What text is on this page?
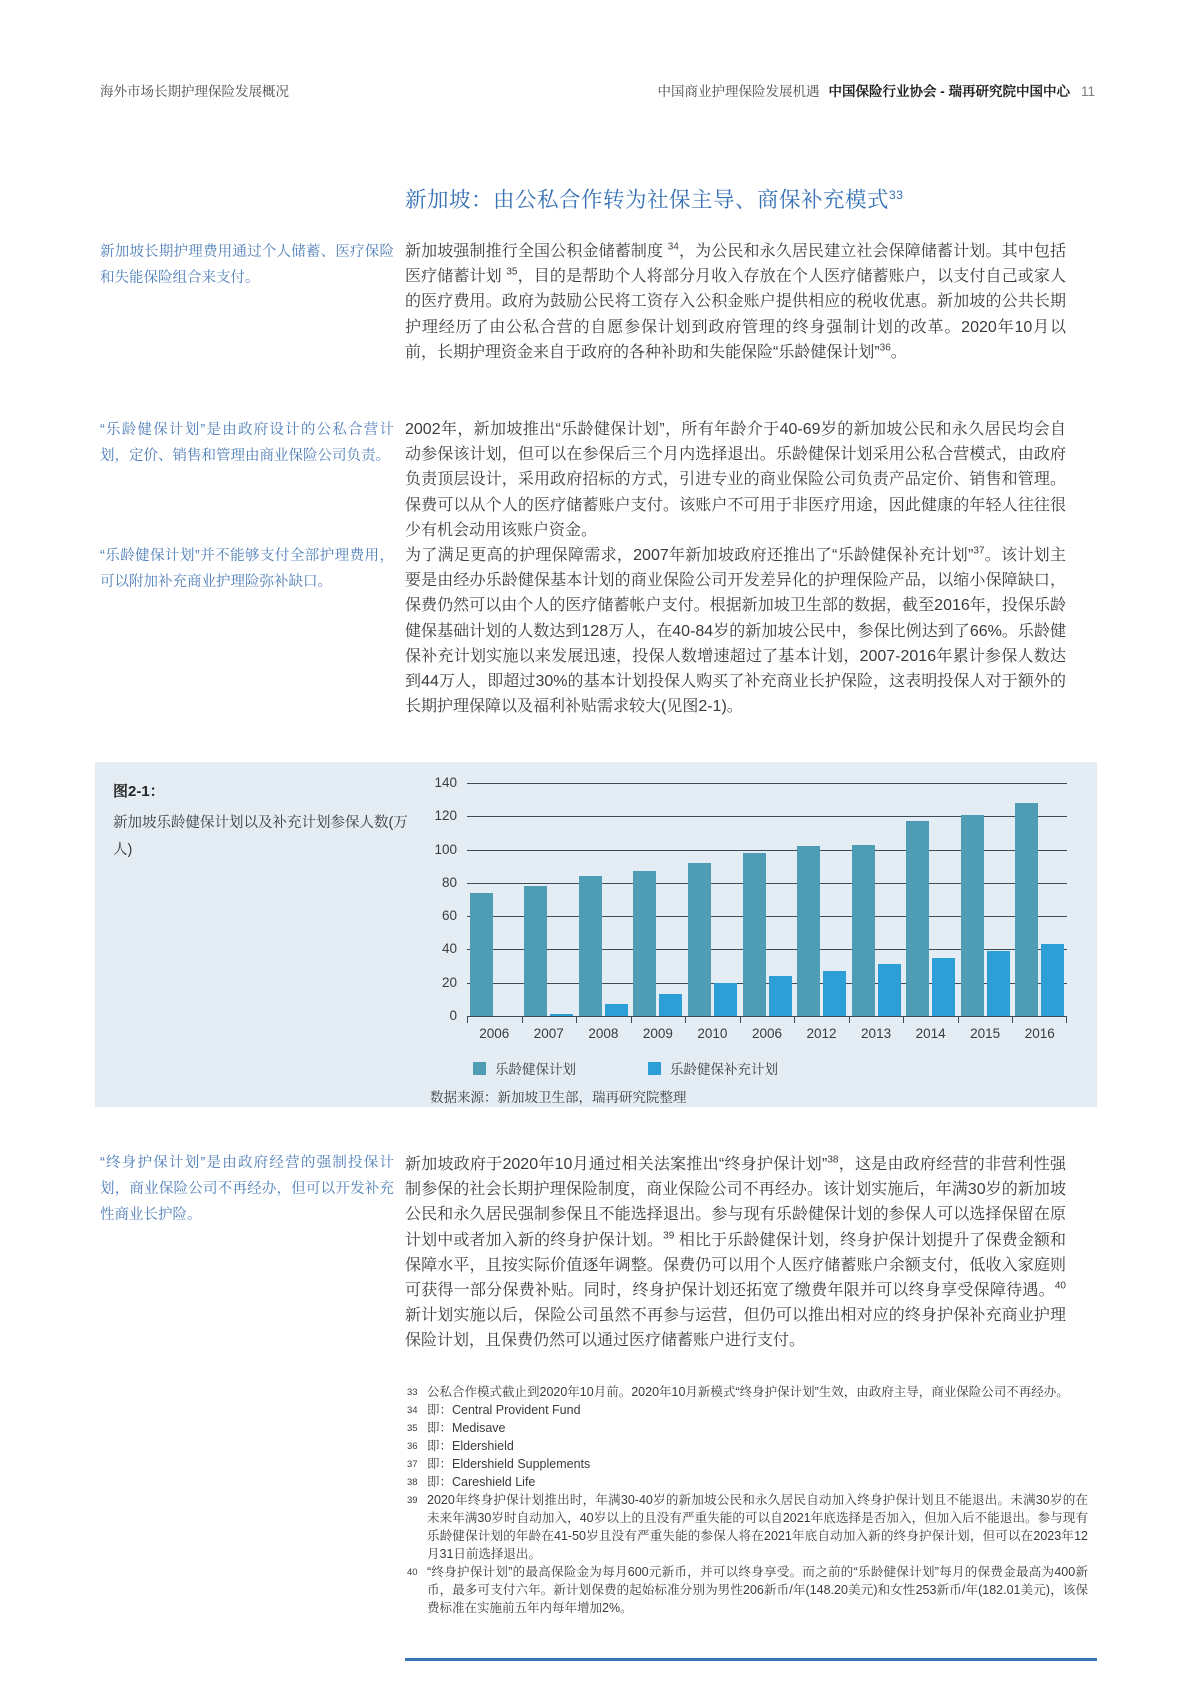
海外市场长期护理保险发展概况	中国商业护理保险发展机遇 中国保险行业协会 - 瑞再研究院中国中心 11
新加坡：由公私合作转为社保主导、商保补充模式$^{33}$
新加坡长期护理费用通过个人储蓄、医疗保险和失能保险组合来支付。
“乐龄健保计划”是由政府设计的公私合营计划，定价、销售和管理由商业保险公司负责。
“乐龄健保计划”并不能够支付全部护理费用，可以附加补充商业护理险弥补缺口。
“终身护保计划”是由政府经营的强制投保计划，商业保险公司不再经办，但可以开发补充性商业长护险。
新加坡强制推行全国公积金储蓄制度 $^{34}$，为公民和永久居民建立社会保障储蓄计划。其中包括医疗储蓄计划 $^{35}$，目的是帮助个人将部分月收入存放在个人医疗储蓄账户，以支付自己或家人的医疗费用。政府为鼓励公民将工资存入公积金账户提供相应的税收优惠。新加坡的公共长期护理经历了由公私合营的自愿参保计划到政府管理的终身强制计划的改革。2020年10月以前，长期护理资金来自于政府的各种补助和失能保险“乐龄健保计划”$^{36}$。
2002年，新加坡推出“乐龄健保计划”，所有年龄介于40-69岁的新加坡公民和永久居民均会自动参保该计划，但可以在参保后三个月内选择退出。乐龄健保计划采用公私合营模式，由政府负责顶层设计，采用政府招标的方式，引进专业的商业保险公司负责产品定价、销售和管理。保费可以从个人的医疗储蓄账户支付。该账户不可用于非医疗用途，因此健康的年轻人往往很少有机会动用该账户资金。
为了满足更高的护理保障需求，2007年新加坡政府还推出了“乐龄健保补充计划”$^{37}$。该计划主要是由经办乐龄健保基本计划的商业保险公司开发差异化的护理保险产品，以缩小保障缺口，保费仍然可以由个人的医疗储蓄帐户支付。根据新加坡卫生部的数据，截至2016年，投保乐龄健保基础计划的人数达到128万人，在40-84岁的新加坡公民中，参保比例达到了66%。乐龄健保补充计划实施以来发展迅速，投保人数增速超过了基本计划，2007-2016年累计参保人数达到44万人，即超过30%的基本计划投保人购买了补充商业长护保险，这表明投保人对于额外的长期护理保障以及福利补贴需求较大(见图2-1)。
新加坡政府于2020年10月通过相关法案推出“终身护保计划”$^{38}$，这是由政府经营的非营利性强制参保的社会长期护理保险制度，商业保险公司不再经办。该计划实施后，年满30岁的新加坡公民和永久居民强制参保且不能选择退出。参与现有乐龄健保计划的参保人可以选择保留在原计划中或者加入新的终身护保计划。$^{39}$ 相比于乐龄健保计划，终身护保计划提升了保费金额和保障水平，且按实际价值逐年调整。保费仍可以用个人医疗储蓄账户余额支付，低收入家庭则可获得一部分保费补贴。同时，终身护保计划还拓宽了缴费年限并可以终身享受保障待遇。$^{40}$ 新计划实施以后，保险公司虽然不再参与运营，但仍可以推出相对应的终身护保补充商业护理保险计划，且保费仍然可以通过医疗储蓄账户进行支付。
图2-1：
新加坡乐龄健保计划以及补充计划参保人数(万人)
0
20
40
60
80
100
120
140
2006	2007	2008	2009	2010	2006	2012	2013	2014	2015	2016
乐龄健保计划	乐龄健保补充计划
数据来源：新加坡卫生部，瑞再研究院整理
33 公私合作模式截止到2020年10月前。2020年10月新模式“终身护保计划”生效，由政府主导，商业保险公司不再经办。
34 即：Central Provident Fund
35 即：Medisave
36 即：Eldershield
37 即：Eldershield Supplements
38 即：Careshield Life
39 2020年终身护保计划推出时，年满30-40岁的新加坡公民和永久居民自动加入终身护保计划且不能退出。未满30岁的在未来年满30岁时自动加入，40岁以上的且没有严重失能的可以自2021年底选择是否加入，但加入后不能退出。参与现有乐龄健保计划的年龄在41-50岁且没有严重失能的参保人将在2021年底自动加入新的终身护保计划，但可以在2023年12月31日前选择退出。
40 “终身护保计划”的最高保险金为每月600元新币，并可以终身享受。而之前的“乐龄健保计划”每月的保费金最高为400新币，最多可支付六年。新计划保费的起始标准分别为男性206新币/年(148.20美元)和女性253新币/年(182.01美元)，该保费标准在实施前五年内每年增加2%。
